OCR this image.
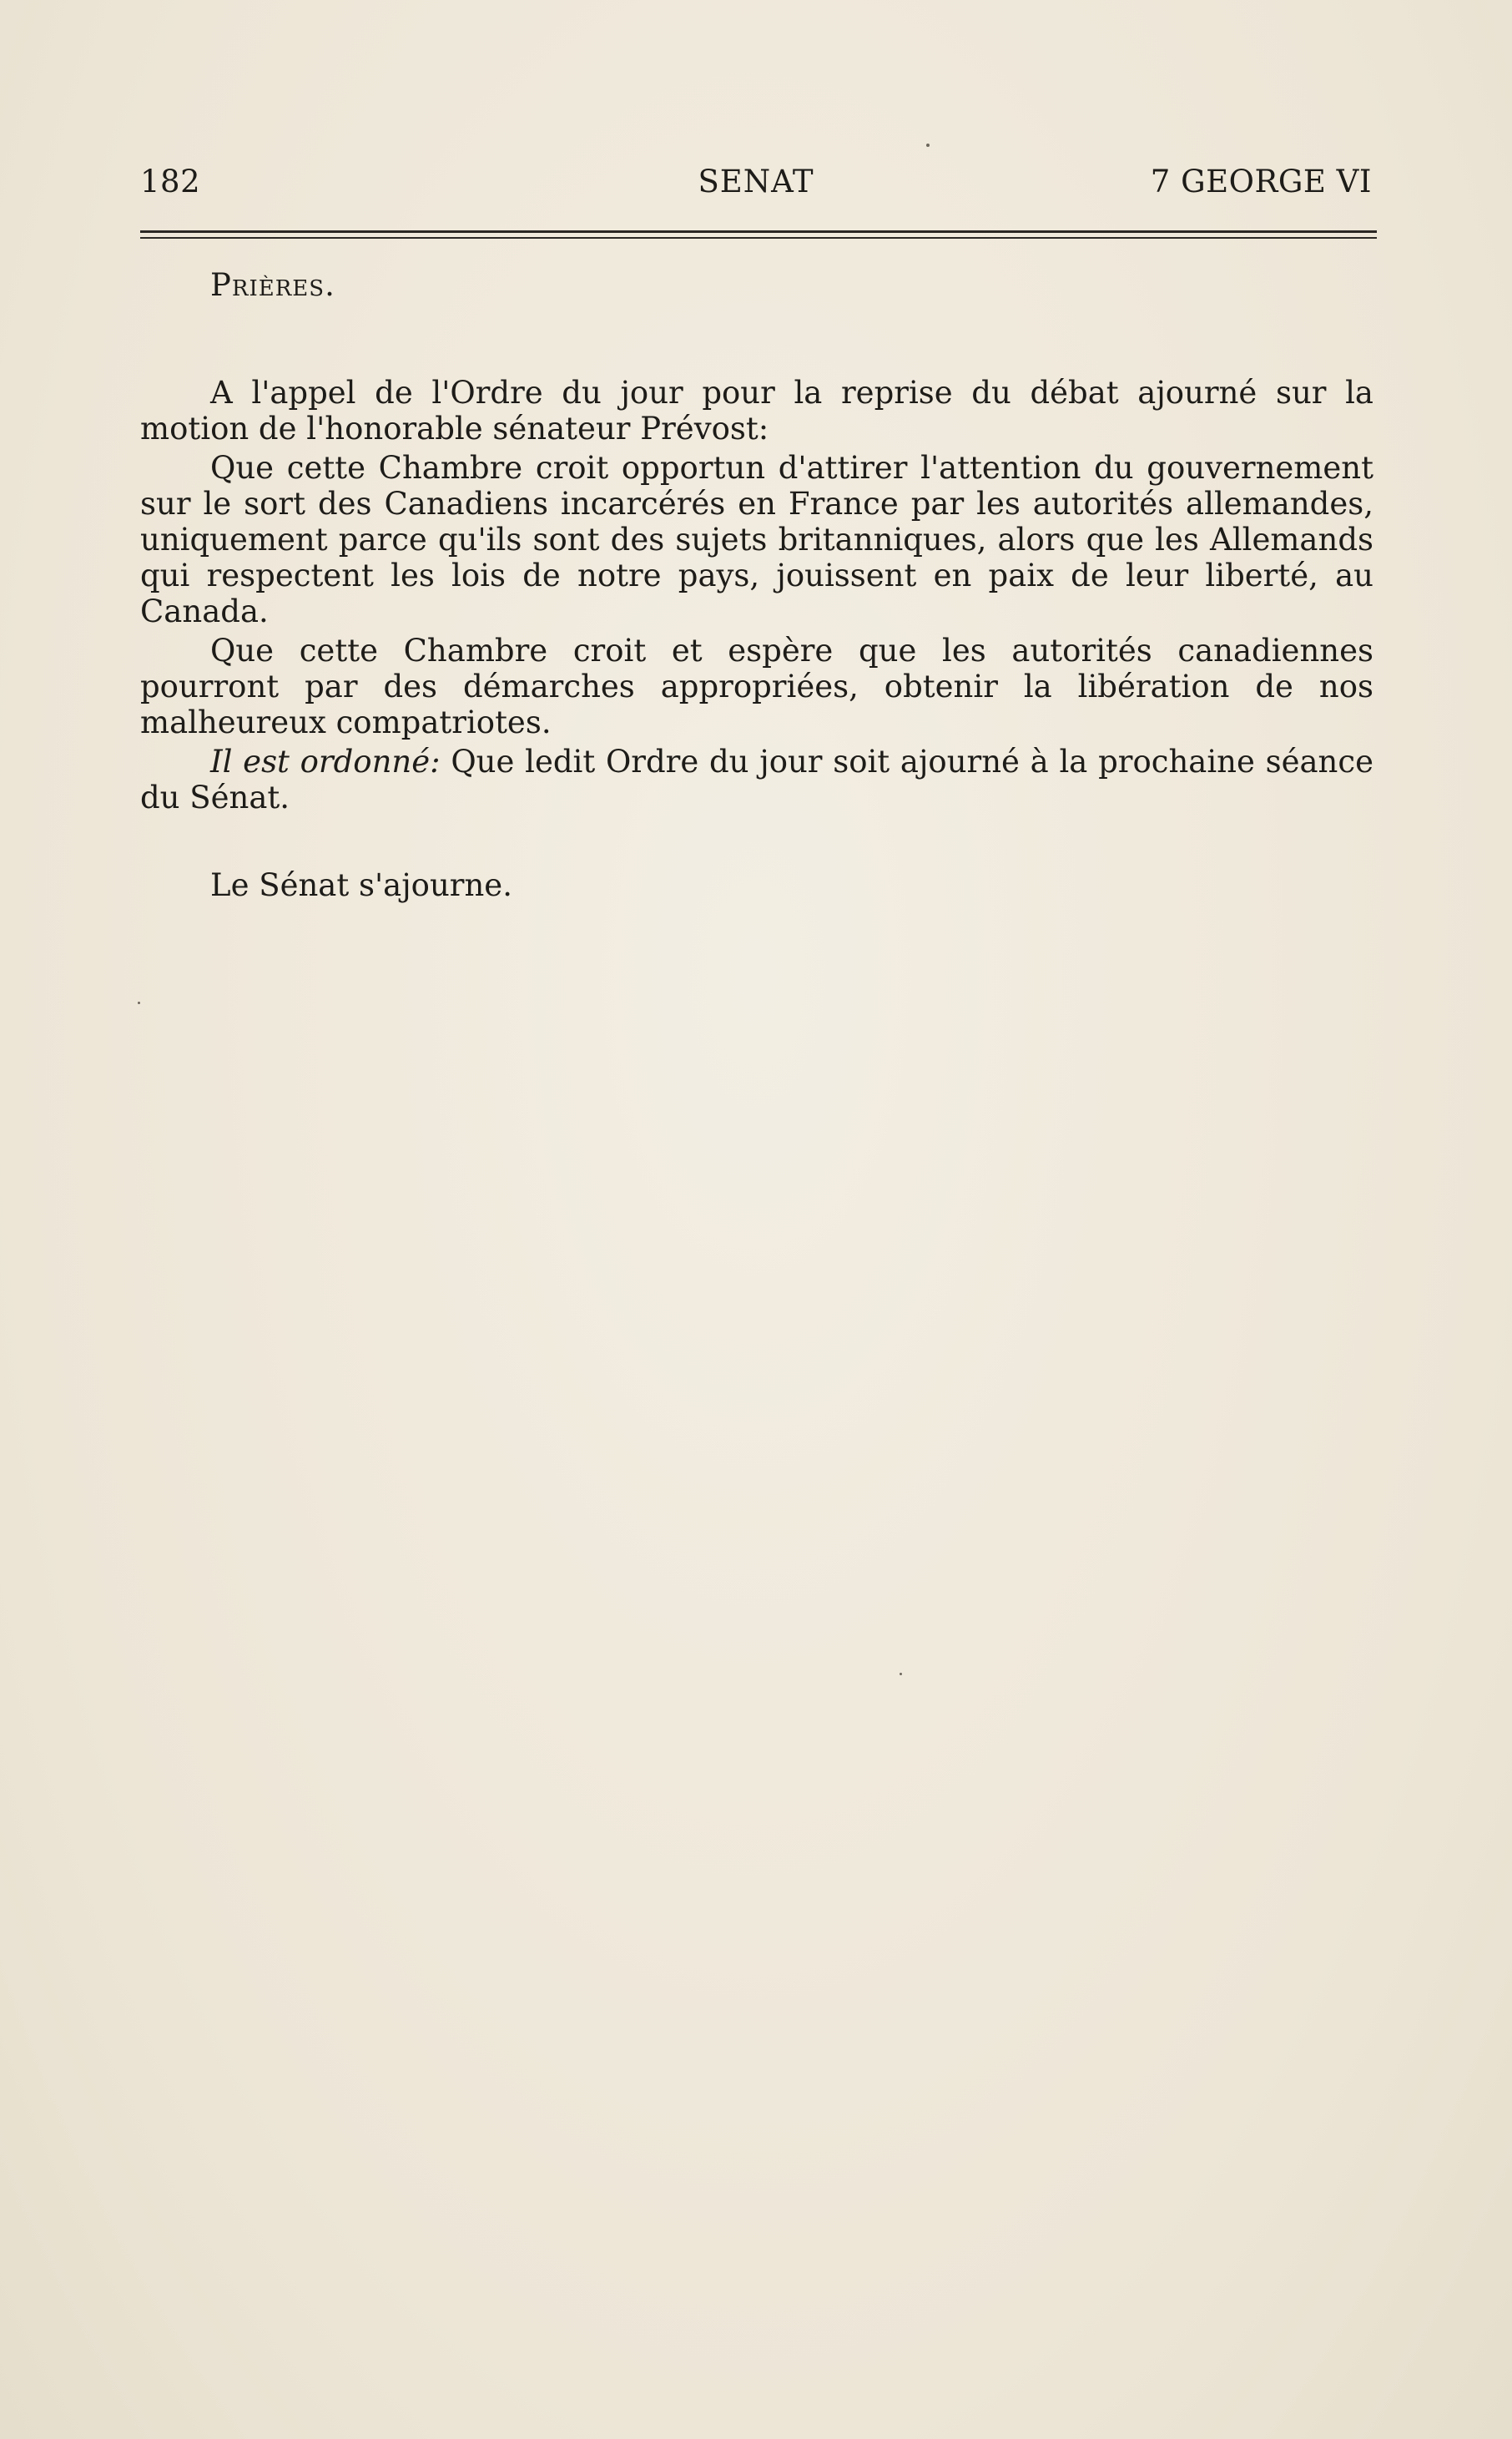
182	SENAT	7 GEORGE VI

Prières.

A l'appel de l'Ordre du jour pour la reprise du débat ajourné sur la motion de l'honorable sénateur Prévost:

Que cette Chambre croit opportun d'attirer l'attention du gouvernement sur le sort des Canadiens incarcérés en France par les autorités allemandes, uniquement parce qu'ils sont des sujets britanniques, alors que les Allemands qui respectent les lois de notre pays, jouissent en paix de leur liberté, au Canada.

Que cette Chambre croit et espère que les autorités canadiennes pourront par des démarches appropriées, obtenir la libération de nos malheureux compatriotes.

Il est ordonné: Que ledit Ordre du jour soit ajourné à la prochaine séance du Sénat.

Le Sénat s'ajourne.
